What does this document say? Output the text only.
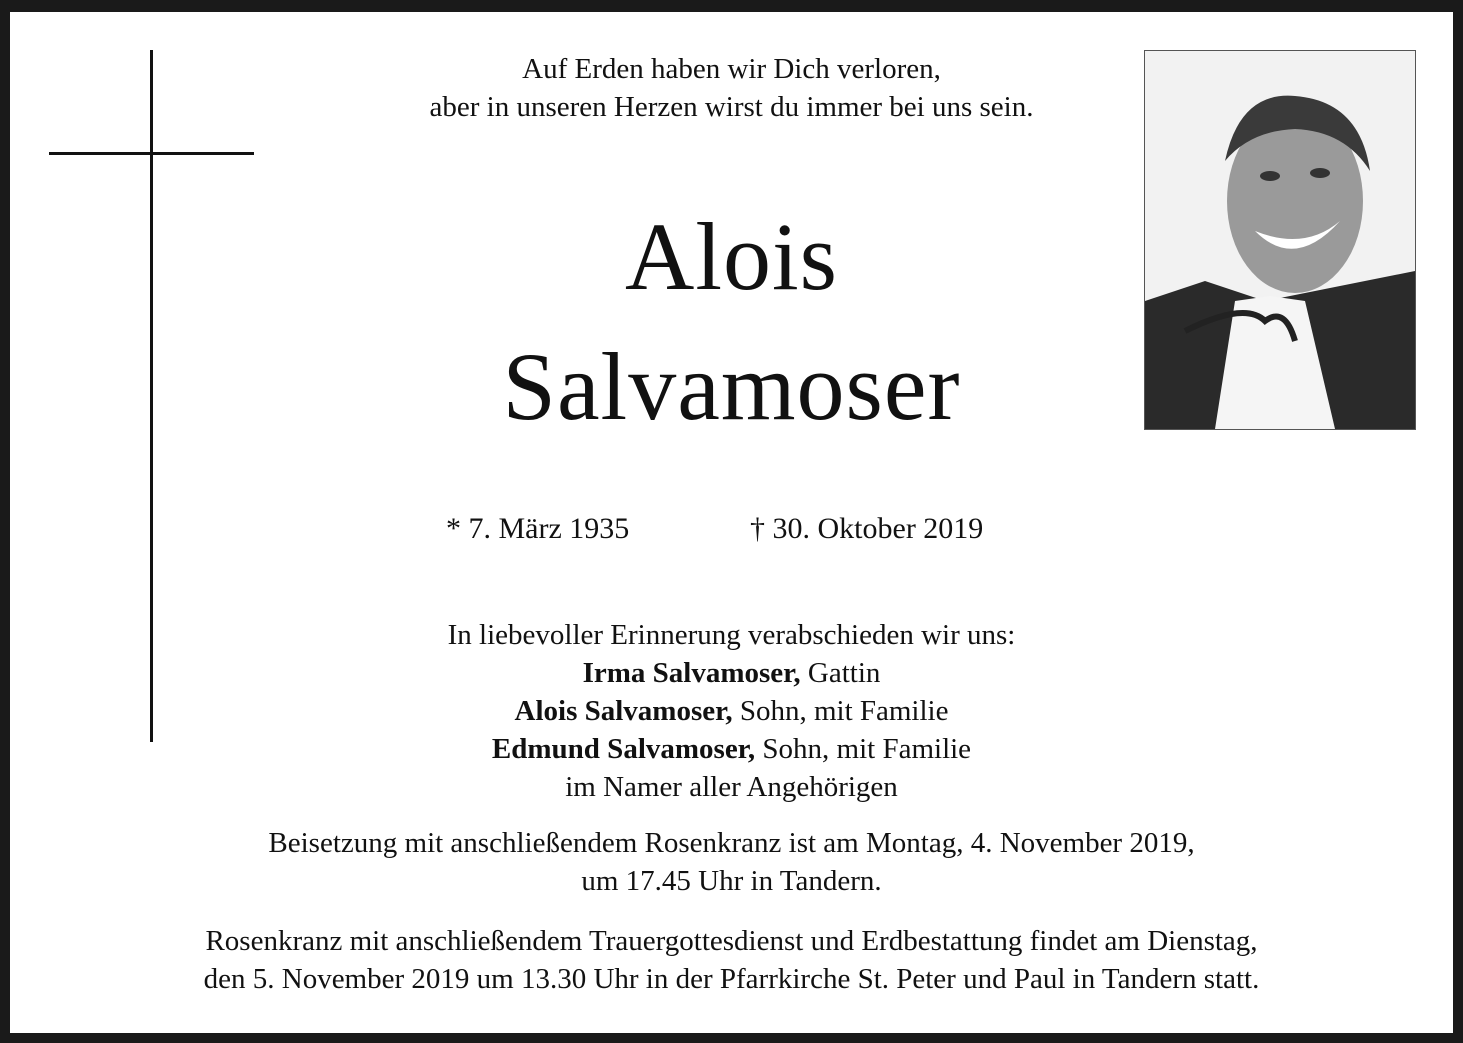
Auf Erden haben wir Dich verloren,
aber in unseren Herzen wirst du immer bei uns sein.
Alois
Salvamoser
* 7. März 1935	† 30. Oktober 2019
In liebevoller Erinnerung verabschieden wir uns:
Irma Salvamoser, Gattin
Alois Salvamoser, Sohn, mit Familie
Edmund Salvamoser, Sohn, mit Familie
im Namer aller Angehörigen
Beisetzung mit anschließendem Rosenkranz ist am Montag, 4. November 2019,
um 17.45 Uhr in Tandern.
Rosenkranz mit anschließendem Trauergottesdienst und Erdbestattung findet am Dienstag,
den 5. November 2019 um 13.30 Uhr in der Pfarrkirche St. Peter und Paul in Tandern statt.
